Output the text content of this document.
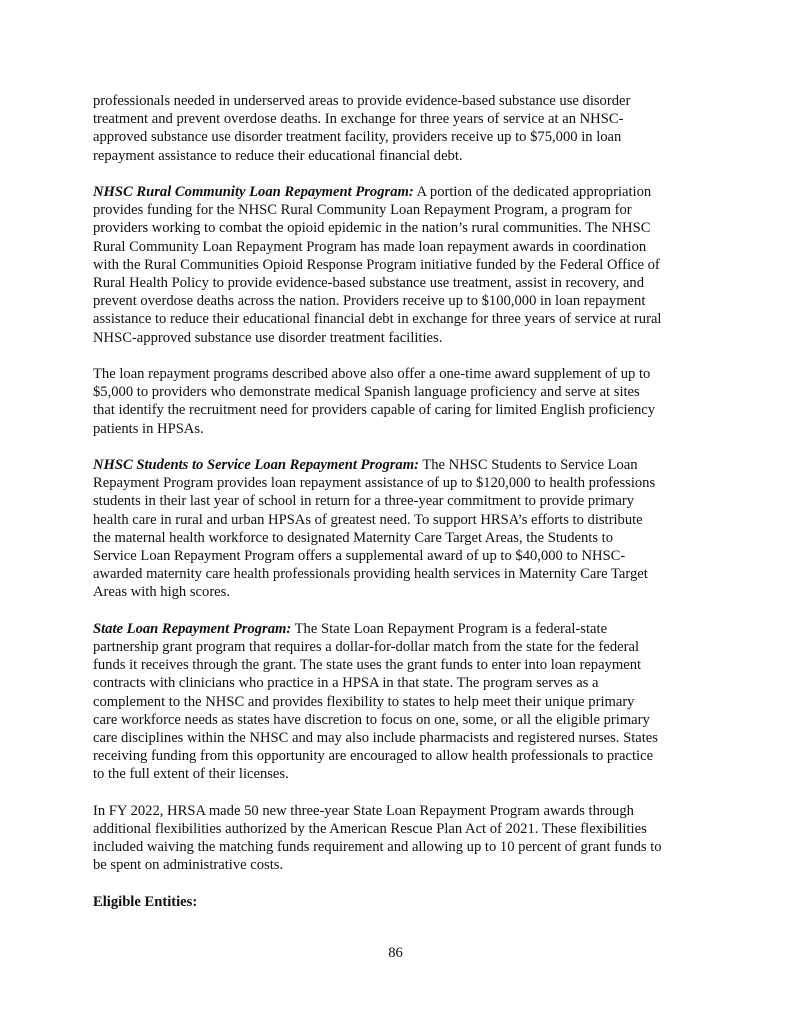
professionals needed in underserved areas to provide evidence-based substance use disorder
treatment and prevent overdose deaths. In exchange for three years of service at an NHSC-
approved substance use disorder treatment facility, providers receive up to $75,000 in loan
repayment assistance to reduce their educational financial debt.
NHSC Rural Community Loan Repayment Program: A portion of the dedicated appropriation
provides funding for the NHSC Rural Community Loan Repayment Program, a program for
providers working to combat the opioid epidemic in the nation’s rural communities. The NHSC
Rural Community Loan Repayment Program has made loan repayment awards in coordination
with the Rural Communities Opioid Response Program initiative funded by the Federal Office of
Rural Health Policy to provide evidence-based substance use treatment, assist in recovery, and
prevent overdose deaths across the nation. Providers receive up to $100,000 in loan repayment
assistance to reduce their educational financial debt in exchange for three years of service at rural
NHSC-approved substance use disorder treatment facilities.
The loan repayment programs described above also offer a one-time award supplement of up to
$5,000 to providers who demonstrate medical Spanish language proficiency and serve at sites
that identify the recruitment need for providers capable of caring for limited English proficiency
patients in HPSAs.
NHSC Students to Service Loan Repayment Program: The NHSC Students to Service Loan
Repayment Program provides loan repayment assistance of up to $120,000 to health professions
students in their last year of school in return for a three-year commitment to provide primary
health care in rural and urban HPSAs of greatest need. To support HRSA’s efforts to distribute
the maternal health workforce to designated Maternity Care Target Areas, the Students to
Service Loan Repayment Program offers a supplemental award of up to $40,000 to NHSC-
awarded maternity care health professionals providing health services in Maternity Care Target
Areas with high scores.
State Loan Repayment Program: The State Loan Repayment Program is a federal-state
partnership grant program that requires a dollar-for-dollar match from the state for the federal
funds it receives through the grant. The state uses the grant funds to enter into loan repayment
contracts with clinicians who practice in a HPSA in that state. The program serves as a
complement to the NHSC and provides flexibility to states to help meet their unique primary
care workforce needs as states have discretion to focus on one, some, or all the eligible primary
care disciplines within the NHSC and may also include pharmacists and registered nurses. States
receiving funding from this opportunity are encouraged to allow health professionals to practice
to the full extent of their licenses.
In FY 2022, HRSA made 50 new three-year State Loan Repayment Program awards through
additional flexibilities authorized by the American Rescue Plan Act of 2021. These flexibilities
included waiving the matching funds requirement and allowing up to 10 percent of grant funds to
be spent on administrative costs.
Eligible Entities:
86
